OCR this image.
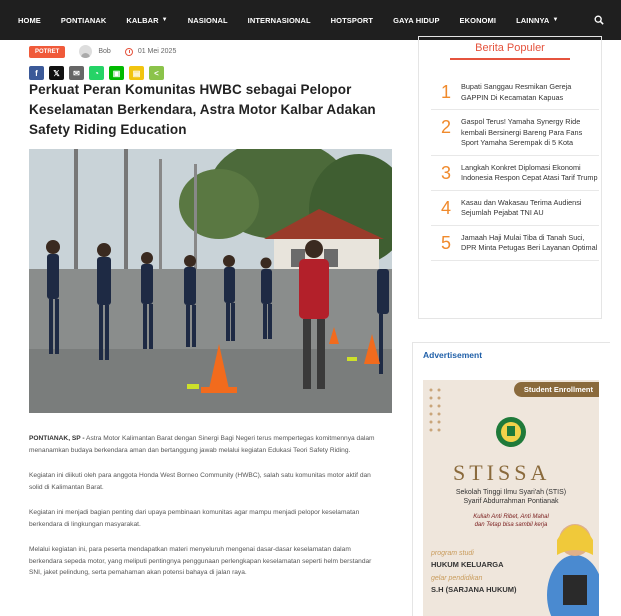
HOME	PONTIANAK	KALBAR ▼	NASIONAL	INTERNASIONAL	HOTSPORT	GAYA HIDUP	EKONOMI	LAINNYA ▼
POTRET	Bob	01 Mei 2025
f 𝕏 ✉ ◔ ▣ ▤ <
Perkuat Peran Komunitas HWBC sebagai Pelopor Keselamatan Berkendara, Astra Motor Kalbar Adakan Safety Riding Education

PONTIANAK, SP - Astra Motor Kalimantan Barat dengan Sinergi Bagi Negeri terus mempertegas komitmennya dalam menanamkan budaya berkendara aman dan bertanggung jawab melalui kegiatan Edukasi Teori Safety Riding.

Kegiatan ini diikuti oleh para anggota Honda West Borneo Community (HWBC), salah satu komunitas motor aktif dan solid di Kalimantan Barat.

Kegiatan ini menjadi bagian penting dari upaya pembinaan komunitas agar mampu menjadi pelopor keselamatan berkendara di lingkungan masyarakat.

Melalui kegiatan ini, para peserta mendapatkan materi menyeluruh mengenai dasar-dasar keselamatan dalam berkendara sepeda motor, yang meliputi pentingnya penggunaan perlengkapan keselamatan seperti helm berstandar SNI, jaket pelindung, serta pemahaman akan potensi bahaya di jalan raya.

Berita Populer
1	Bupati Sanggau Resmikan Gereja GAPPIN Di Kecamatan Kapuas
2	Gaspol Terus! Yamaha Synergy Ride kembali Bersinergi Bareng Para Fans Sport Yamaha Serempak di 5 Kota
3	Langkah Konkret Diplomasi Ekonomi Indonesia Respon Cepat Atasi Tarif Trump
4	Kasau dan Wakasau Terima Audiensi Sejumlah Pejabat TNI AU
5	Jamaah Haji Mulai Tiba di Tanah Suci, DPR Minta Petugas Beri Layanan Optimal
Advertisement
Student Enrollment
STISSA
Sekolah Tinggi Ilmu Syari'ah (STIS)
Syarif Abdurrahman Pontianak
Kuliah Anti Ribet, Anti Mahal
dan Tetap bisa sambil kerja
program studi
HUKUM KELUARGA
gelar pendidikan
S.H (SARJANA HUKUM)
